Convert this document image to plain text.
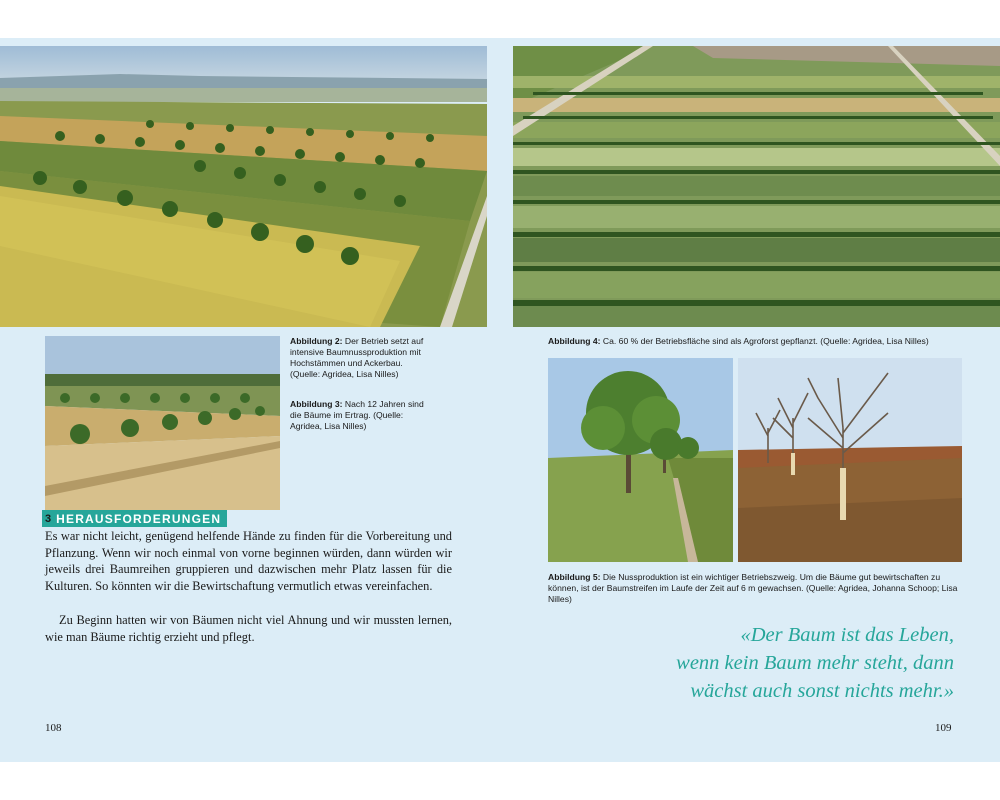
Abbildung 2: Der Betrieb setzt auf intensive Baumnussproduktion mit Hochstämmen und Ackerbau. (Quelle: Agridea, Lisa Nilles)
Abbildung 3: Nach 12 Jahren sind die Bäume im Ertrag. (Quelle: Agridea, Lisa Nilles)
Abbildung 4: Ca. 60 % der Betriebsfläche sind als Agroforst gepflanzt. (Quelle: Agridea, Lisa Nilles)
Abbildung 5: Die Nussproduktion ist ein wichtiger Betriebszweig. Um die Bäume gut bewirtschaften zu können, ist der Baumstreifen im Laufe der Zeit auf 6 m gewachsen. (Quelle: Agridea, Johanna Schoop; Lisa Nilles)
3 HERAUSFORDERUNGEN

Es war nicht leicht, genügend helfende Hände zu finden für die Vorbereitung und Pflanzung. Wenn wir noch einmal von vorne beginnen würden, dann würden wir jeweils drei Baumreihen gruppieren und dazwischen mehr Platz lassen für die Kulturen. So könnten wir die Bewirtschaftung vermutlich etwas vereinfachen.

Zu Beginn hatten wir von Bäumen nicht viel Ahnung und wir mussten lernen, wie man Bäume richtig erzieht und pflegt.	«Der Baum ist das Leben,
wenn kein Baum mehr steht, dann
wächst auch sonst nichts mehr.»
108	109
